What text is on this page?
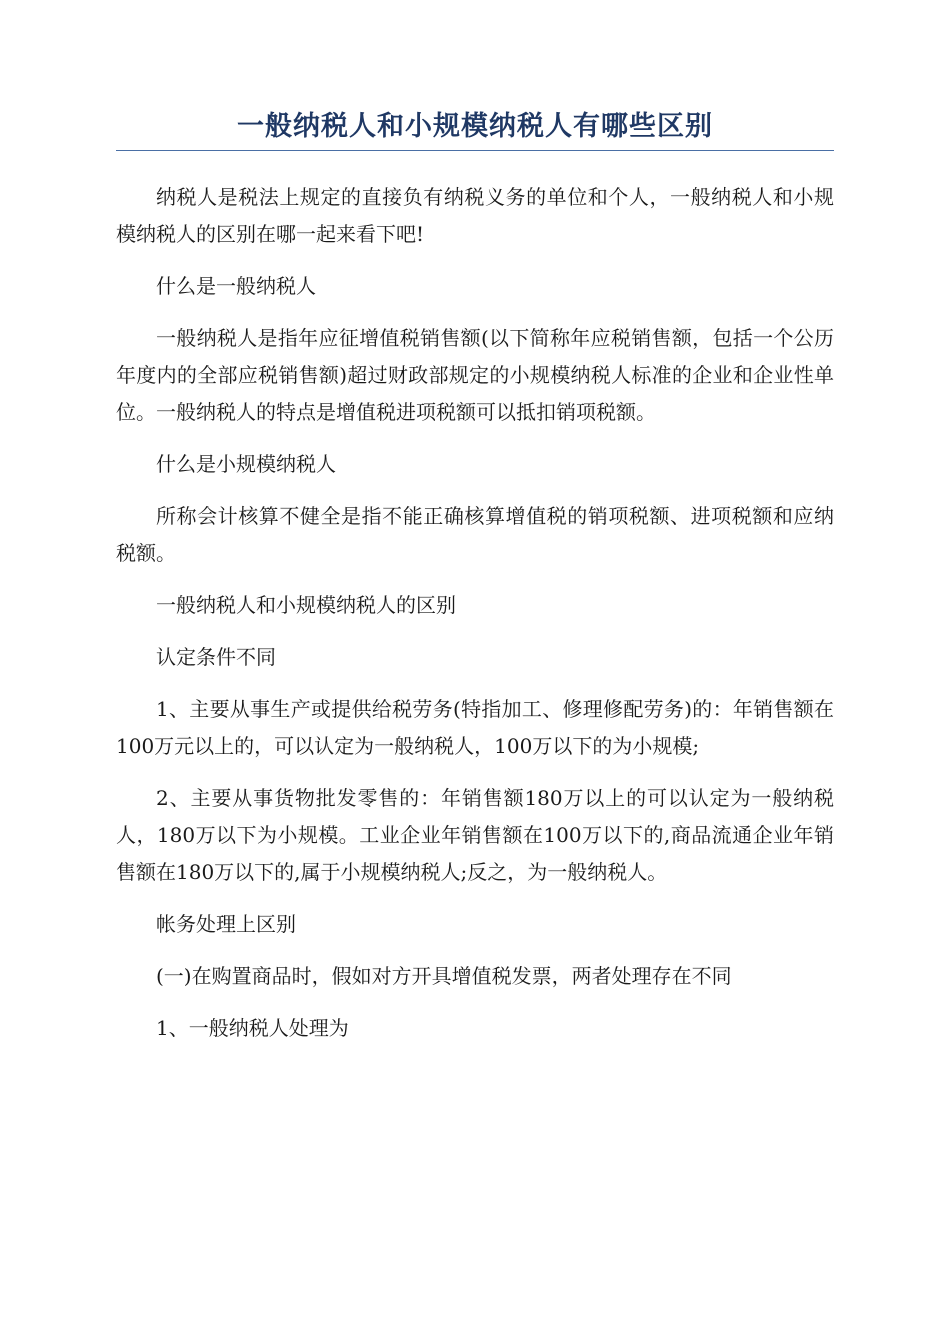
一般纳税人和小规模纳税人有哪些区别

纳税人是税法上规定的直接负有纳税义务的单位和个人，一般纳税人和小规模纳税人的区别在哪一起来看下吧!

什么是一般纳税人

一般纳税人是指年应征增值税销售额(以下简称年应税销售额，包括一个公历年度内的全部应税销售额)超过财政部规定的小规模纳税人标准的企业和企业性单位。一般纳税人的特点是增值税进项税额可以抵扣销项税额。

什么是小规模纳税人

所称会计核算不健全是指不能正确核算增值税的销项税额、进项税额和应纳税额。

一般纳税人和小规模纳税人的区别

认定条件不同

1、主要从事生产或提供给税劳务(特指加工、修理修配劳务)的：年销售额在100万元以上的，可以认定为一般纳税人，100万以下的为小规模;

2、主要从事货物批发零售的：年销售额180万以上的可以认定为一般纳税人，180万以下为小规模。工业企业年销售额在100万以下的,商品流通企业年销售额在180万以下的,属于小规模纳税人;反之，为一般纳税人。

帐务处理上区别

(一)在购置商品时，假如对方开具增值税发票，两者处理存在不同

1、一般纳税人处理为
